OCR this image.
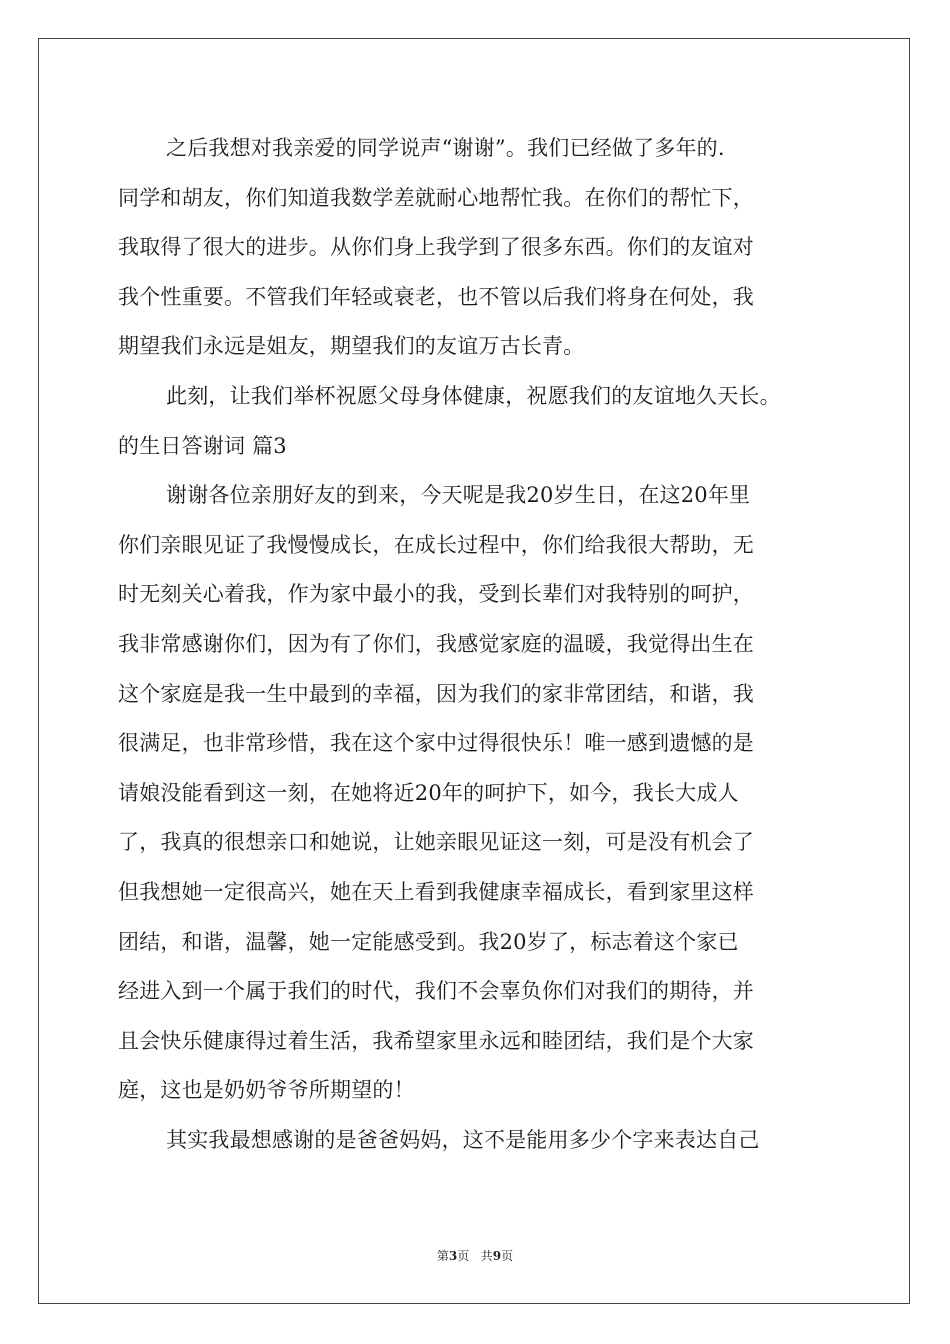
之后我想对我亲爱的同学说声“谢谢”。我们已经做了多年的.
同学和胡友，你们知道我数学差就耐心地帮忙我。在你们的帮忙下，
我取得了很大的进步。从你们身上我学到了很多东西。你们的友谊对
我个性重要。不管我们年轻或衰老，也不管以后我们将身在何处，我
期望我们永远是姐友，期望我们的友谊万古长青。
此刻，让我们举杯祝愿父母身体健康，祝愿我们的友谊地久天长。
的生日答谢词 篇3
谢谢各位亲朋好友的到来，今天呢是我20岁生日，在这20年里
你们亲眼见证了我慢慢成长，在成长过程中，你们给我很大帮助，无
时无刻关心着我，作为家中最小的我，受到长辈们对我特别的呵护，
我非常感谢你们，因为有了你们，我感觉家庭的温暖，我觉得出生在
这个家庭是我一生中最到的幸福，因为我们的家非常团结，和谐，我
很满足，也非常珍惜，我在这个家中过得很快乐！唯一感到遗憾的是
请娘没能看到这一刻，在她将近20年的呵护下，如今，我长大成人
了，我真的很想亲口和她说，让她亲眼见证这一刻，可是没有机会了
但我想她一定很高兴，她在天上看到我健康幸福成长，看到家里这样
团结，和谐，温馨，她一定能感受到。我20岁了，标志着这个家已
经进入到一个属于我们的时代，我们不会辜负你们对我们的期待，并
且会快乐健康得过着生活，我希望家里永远和睦团结，我们是个大家
庭，这也是奶奶爷爷所期望的！
其实我最想感谢的是爸爸妈妈，这不是能用多少个字来表达自己
第3页   共9页
